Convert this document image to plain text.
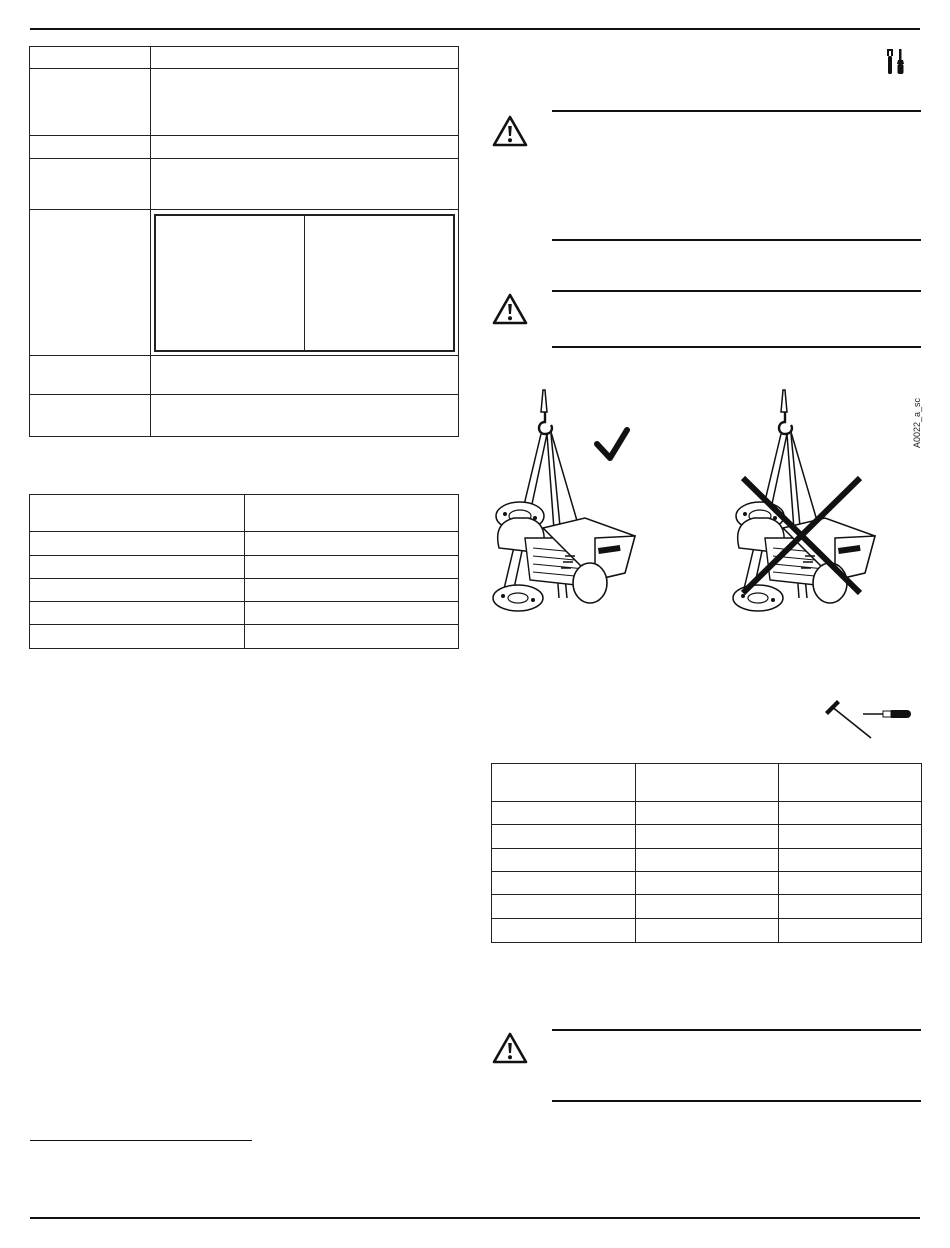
A0022_a_sc
